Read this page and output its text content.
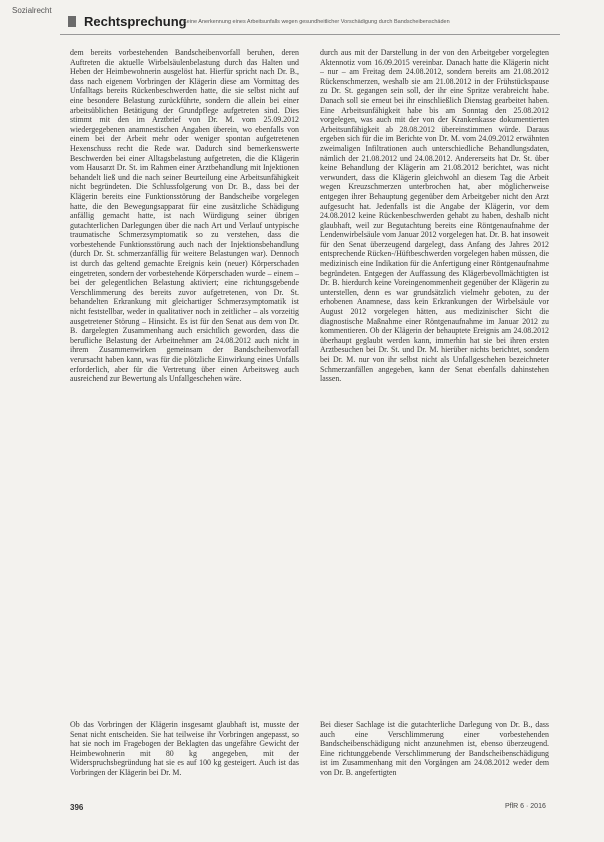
Sozialrecht
Rechtsprechung
Keine Anerkennung eines Arbeitsunfalls wegen gesundheitlicher Vorschädigung durch Bandscheibenschäden

dem bereits vorbestehenden Bandscheibenvorfall beruhen, deren Auftreten die aktuelle Wirbelsäulenbelastung durch das Halten und Heben der Heimbewohnerin ausgelöst hat. Hierfür spricht nach Dr. B., dass nach eigenem Vorbringen der Klägerin diese am Vormittag des Unfalltags bereits Rückenbeschwerden hatte, die sie selbst nicht auf eine besondere Belastung zurückführte, sondern die allein bei einer arbeitsüblichen Betätigung der Grundpflege aufgetreten sind. Dies stimmt mit den im Arztbrief von Dr. M. vom 25.09.2012 wiedergegebenen anamnestischen Angaben überein, wo ebenfalls von einem bei der Arbeit mehr oder weniger spontan aufgetretenen Hexenschuss recht die Rede war. Dadurch sind bemerkenswerte Beschwerden bei einer Alltagsbelastung aufgetreten, die die Klägerin vom Hausarzt Dr. St. im Rahmen einer Arztbehandlung mit Injektionen behandelt ließ und die nach seiner Beurteilung eine Arbeitsunfähigkeit nicht begründeten. Die Schlussfolgerung von Dr. B., dass bei der Klägerin bereits eine Funktionsstörung der Bandscheibe vorgelegen hatte, die den Bewegungsapparat für eine zusätzliche Schädigung anfällig gemacht hatte, ist nach Würdigung seiner übrigen gutachterlichen Darlegungen über die nach Art und Verlauf untypische traumatische Schmerzsymptomatik so zu verstehen, dass die vorbestehende Funktionsstörung auch nach der Injektionsbehandlung (durch Dr. St. schmerzanfällig für weitere Belastungen war). Dennoch ist durch das geltend gemachte Ereignis kein (neuer) Körperschaden eingetreten, sondern der vorbestehende Körperschaden wurde – einem – bei der gelegentlichen Belastung aktiviert; eine richtungsgebende Verschlimmerung des bereits zuvor aufgetretenen, von Dr. St. behandelten Erkrankung mit gleichartiger Schmerzsymptomatik ist nicht feststellbar, weder in qualitativer noch in zeitlicher – als vorzeitig ausgetretener Störung – Hinsicht. Es ist für den Senat aus dem von Dr. B. dargelegten Zusammenhang auch ersichtlich geworden, dass die berufliche Belastung der Arbeitnehmer am 24.08.2012 auch nicht in ihrem Zusammenwirken gemeinsam der Bandscheibenvorfall verursacht haben kann, was für die plötzliche Einwirkung eines Unfalls erforderlich, aber für die Vertretung über einen Arbeitsweg auch ausreichend zur Bewertung als Unfallgeschehen wäre.

durch aus mit der Darstellung in der von den Arbeitgeber vorgelegten Aktennotiz vom 16.09.2015 vereinbar. Danach hatte die Klägerin nicht – nur – am Freitag dem 24.08.2012, sondern bereits am 21.08.2012 Rückenschmerzen, weshalb sie am 21.08.2012 in der Frühstückspause zu Dr. St. gegangen sein soll, der ihr eine Spritze verabreicht habe. Danach soll sie erneut bei ihr einschließlich Dienstag gearbeitet haben. Eine Arbeitsunfähigkeit habe bis am Sonntag den 25.08.2012 vorgelegen, was auch mit der von der Krankenkasse dokumentierten Arbeitsunfähigkeit ab 28.08.2012 übereinstimmen würde. Daraus ergeben sich für die im Berichte von Dr. M. vom 24.09.2012 erwähnten zweimaligen Infiltrationen auch unterschiedliche Behandlungsdaten, nämlich der 21.08.2012 und 24.08.2012. Andererseits hat Dr. St. über keine Behandlung der Klägerin am 21.08.2012 berichtet, was nicht verwundert, dass die Klägerin gleichwohl an diesem Tag die Arbeit wegen Kreuzschmerzen unterbrochen hat, aber möglicherweise entgegen ihrer Behauptung gegenüber dem Arbeitgeber nicht den Arzt aufgesucht hat. Jedenfalls ist die Angabe der Klägerin, vor dem 24.08.2012 keine Rückenbeschwerden gehabt zu haben, deshalb nicht glaubhaft, weil zur Begutachtung bereits eine Röntgenaufnahme der Lendenwirbelsäule vom Januar 2012 vorgelegen hat. Dr. B. hat insoweit für den Senat überzeugend dargelegt, dass Anfang des Jahres 2012 entsprechende Rücken-/Hüftbeschwerden vorgelegen haben müssen, die medizinisch eine Indikation für die Anfertigung einer Röntgenaufnahme begründeten. Entgegen der Auffassung des Klägerbevollmächtigten ist Dr. B. hierdurch keine Voreingenommenheit gegenüber der Klägerin zu unterstellen, denn es war grundsätzlich vielmehr geboten, zu der erhobenen Anamnese, dass kein Erkrankungen der Wirbelsäule vor August 2012 vorgelegen hätten, aus medizinischer Sicht die diagnostische Maßnahme einer Röntgenaufnahme im Januar 2012 zu kommentieren. Ob der Klägerin der behauptete Ereignis am 24.08.2012 überhaupt geglaubt werden kann, immerhin hat sie bei ihren ersten Arztbesuchen bei Dr. St. und Dr. M. hierüber nichts berichtet, sondern bei Dr. M. nur von ihr selbst nicht als Unfallgeschehen bezeichneter Schmerzanfällen angegeben, kann der Senat ebenfalls dahinstehen lassen.

Ob das Vorbringen der Klägerin insgesamt glaubhaft ist, musste der Senat nicht entscheiden. Sie hat teilweise ihr Vorbringen angepasst, so hat sie noch im Fragebogen der Beklagten das ungefähre Gewicht der Heimbewohnerin mit 80 kg angegeben, mit der Widerspruchsbegründung hat sie es auf 100 kg gesteigert. Auch ist das Vorbringen der Klägerin bei Dr. M.

Bei dieser Sachlage ist die gutachterliche Darlegung von Dr. B., dass auch eine Verschlimmerung einer vorbestehenden Bandscheibenschädigung nicht anzunehmen ist, ebenso überzeugend. Eine richtunggebende Verschlimmerung der Bandscheibenschädigung ist im Zusammenhang mit den Vorgängen am 24.08.2012 weder dem von Dr. B. angefertigten

396	PflR 6 · 2016
